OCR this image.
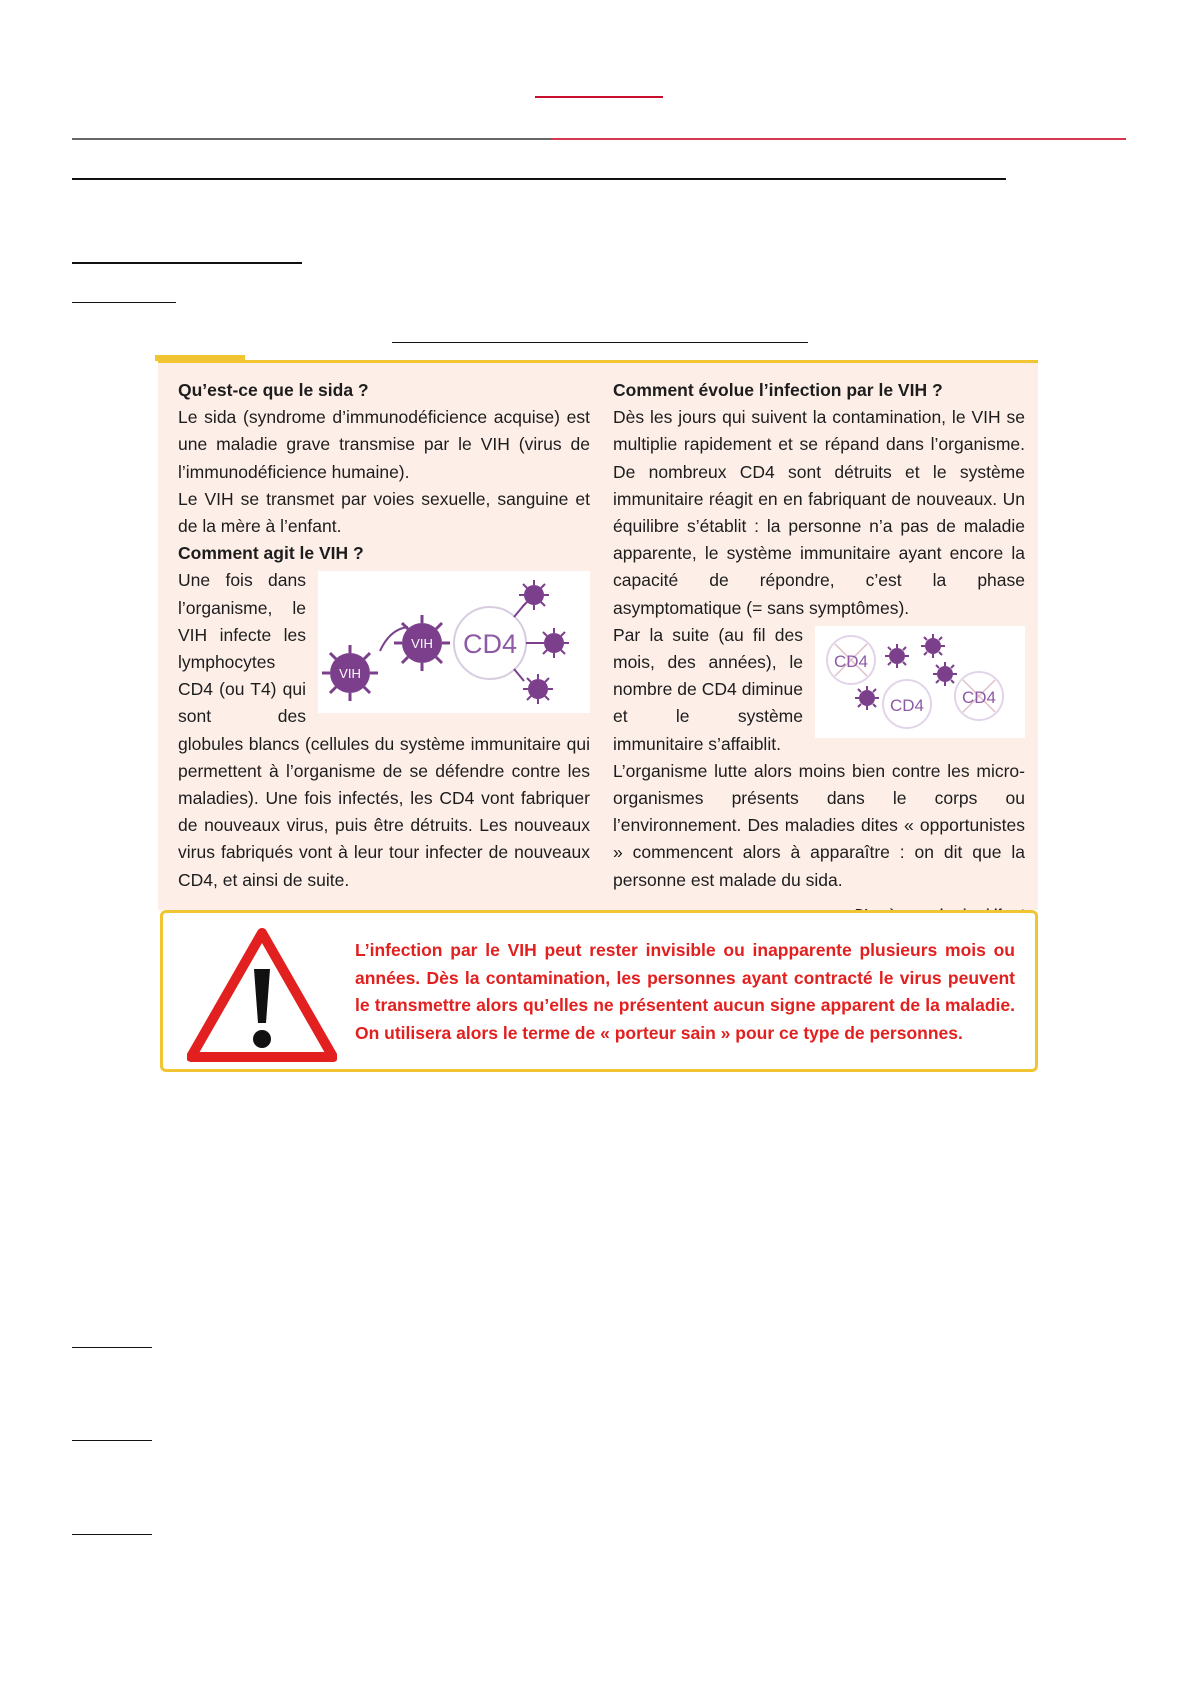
Qu’est-ce que le sida ?

Le sida (syndrome d’immunodéficience acquise) est une maladie grave transmise par le VIH (virus de l’immunodéficience humaine).

Le VIH se transmet par voies sexuelle, sanguine et de la mère à l’enfant.

Comment agit le VIH ?
VIH
VIH CD4

Une fois dans l’organisme, le VIH infecte les lymphocytes CD4 (ou T4) qui sont des globules blancs (cellules du système immunitaire qui permettent à l’organisme de se défendre contre les maladies). Une fois infectés, les CD4 vont fabriquer de nouveaux virus, puis être détruits. Les nouveaux virus fabriqués vont à leur tour infecter de nouveaux CD4, et ainsi de suite.

Comment évolue l’infection par le VIH ?

Dès les jours qui suivent la contamination, le VIH se multiplie rapidement et se répand dans l’organisme. De nombreux CD4 sont détruits et le système immunitaire réagit en en fabriquant de nouveaux. Un équilibre s’établit : la personne n’a pas de maladie apparente, le système immunitaire ayant encore la capacité de répondre, c’est la phase asymptomatique (= sans symptômes).

CD4
CD4 CD4

Par la suite (au fil des mois, des années), le nombre de CD4 diminue et le système immunitaire s’affaiblit.

L’organisme lutte alors moins bien contre les micro-organismes présents dans le corps ou l’environnement. Des maladies dites « opportunistes » commencent alors à apparaître : on dit que la personne est malade du sida.

L’infection par le VIH peut rester invisible ou inapparente plusieurs mois ou années. Dès la contamination, les personnes ayant contracté le virus peuvent le transmettre alors qu’elles ne présentent aucun signe apparent de la maladie. On utilisera alors le terme de « porteur sain » pour ce type de personnes.
